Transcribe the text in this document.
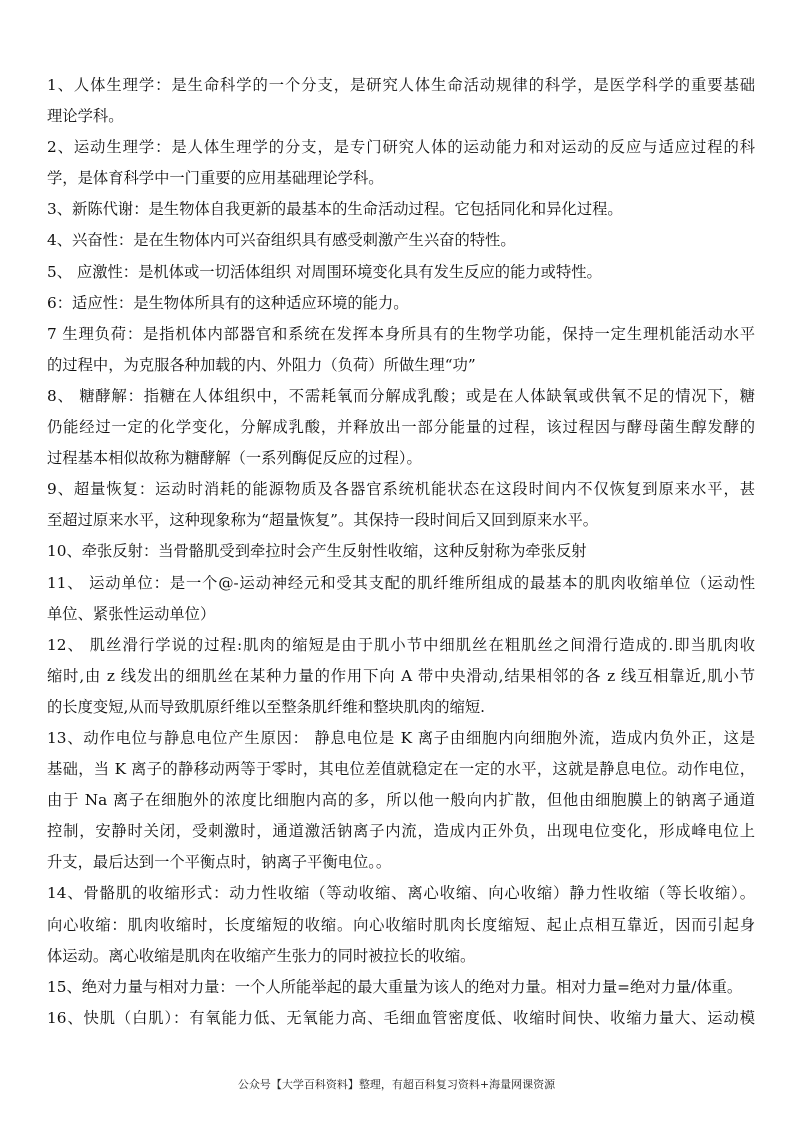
1、人体生理学：是生命科学的一个分支，是研究人体生命活动规律的科学，是医学科学的重要基础
理论学科。
2、运动生理学：是人体生理学的分支，是专门研究人体的运动能力和对运动的反应与适应过程的科
学，是体育科学中一门重要的应用基础理论学科。
3、新陈代谢：是生物体自我更新的最基本的生命活动过程。它包括同化和异化过程。
4、兴奋性：是在生物体内可兴奋组织具有感受刺激产生兴奋的特性。
5、 应激性：是机体或一切活体组织 对周围环境变化具有发生反应的能力或特性。
6：适应性：是生物体所具有的这种适应环境的能力。
7 生理负荷：是指机体内部器官和系统在发挥本身所具有的生物学功能，保持一定生理机能活动水平
的过程中，为克服各种加载的内、外阻力（负荷）所做生理“功”
8、 糖酵解：指糖在人体组织中，不需耗氧而分解成乳酸；或是在人体缺氧或供氧不足的情况下，糖
仍能经过一定的化学变化，分解成乳酸，并释放出一部分能量的过程，该过程因与酵母菌生醇发酵的
过程基本相似故称为糖酵解（一系列酶促反应的过程）。
9、超量恢复：运动时消耗的能源物质及各器官系统机能状态在这段时间内不仅恢复到原来水平，甚
至超过原来水平，这种现象称为“超量恢复”。其保持一段时间后又回到原来水平。
10、牵张反射：当骨骼肌受到牵拉时会产生反射性收缩，这种反射称为牵张反射
11、 运动单位：是一个@-运动神经元和受其支配的肌纤维所组成的最基本的肌肉收缩单位（运动性
单位、紧张性运动单位）
12、 肌丝滑行学说的过程:肌肉的缩短是由于肌小节中细肌丝在粗肌丝之间滑行造成的.即当肌肉收
缩时,由 z 线发出的细肌丝在某种力量的作用下向 A 带中央滑动,结果相邻的各 z 线互相靠近,肌小节
的长度变短,从而导致肌原纤维以至整条肌纤维和整块肌肉的缩短.
13、动作电位与静息电位产生原因： 静息电位是 K 离子由细胞内向细胞外流，造成内负外正，这是
基础，当 K 离子的静移动两等于零时，其电位差值就稳定在一定的水平，这就是静息电位。动作电位，
由于 Na 离子在细胞外的浓度比细胞内高的多，所以他一般向内扩散，但他由细胞膜上的钠离子通道
控制，安静时关闭，受刺激时，通道激活钠离子内流，造成内正外负，出现电位变化，形成峰电位上
升支，最后达到一个平衡点时，钠离子平衡电位。。
14、骨骼肌的收缩形式：动力性收缩（等动收缩、离心收缩、向心收缩）静力性收缩（等长收缩）。
向心收缩：肌肉收缩时，长度缩短的收缩。向心收缩时肌肉长度缩短、起止点相互靠近，因而引起身
体运动。离心收缩是肌肉在收缩产生张力的同时被拉长的收缩。
15、绝对力量与相对力量：一个人所能举起的最大重量为该人的绝对力量。相对力量=绝对力量/体重。
16、快肌（白肌）：有氧能力低、无氧能力高、毛细血管密度低、收缩时间快、收缩力量大、运动模
公众号【大学百科资料】整理，有超百科复习资料+海量网课资源
